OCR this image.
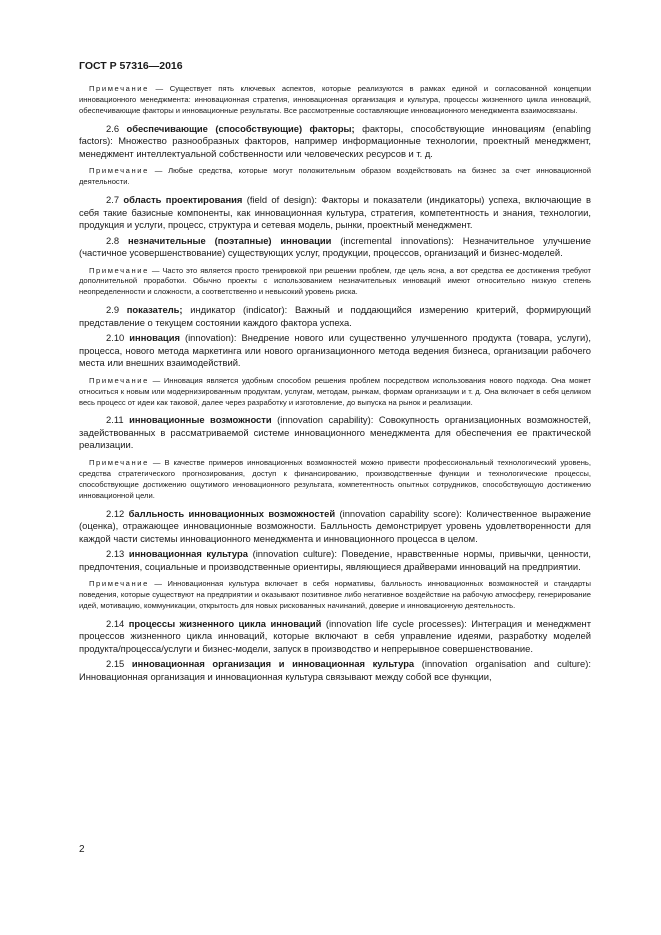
ГОСТ Р 57316—2016

Примечание — Существует пять ключевых аспектов, которые реализуются в рамках единой и согласованной концепции инновационного менеджмента: инновационная стратегия, инновационная организация и культура, процессы жизненного цикла инноваций, обеспечивающие факторы и инновационные результаты. Все рассмотренные составляющие инновационного менеджмента взаимосвязаны.

2.6 обеспечивающие (способствующие) факторы; факторы, способствующие инновациям (enabling factors): Множество разнообразных факторов, например информационные технологии, проектный менеджмент, менеджмент интеллектуальной собственности или человеческих ресурсов и т. д.

Примечание — Любые средства, которые могут положительным образом воздействовать на бизнес за счет инновационной деятельности.

2.7 область проектирования (field of design): Факторы и показатели (индикаторы) успеха, включающие в себя такие базисные компоненты, как инновационная культура, стратегия, компетентность и знания, технологии, продукция и услуги, процесс, структура и сетевая модель, рынки, проектный менеджмент.

2.8 незначительные (поэтапные) инновации (incremental innovations): Незначительное улучшение (частичное усовершенствование) существующих услуг, продукции, процессов, организаций и бизнес-моделей.

Примечание — Часто это является просто тренировкой при решении проблем, где цель ясна, а вот средства ее достижения требуют дополнительной проработки. Обычно проекты с использованием незначительных инноваций имеют относительно низкую степень неопределенности и сложности, а соответственно и невысокий уровень риска.

2.9 показатель; индикатор (indicator): Важный и поддающийся измерению критерий, формирующий представление о текущем состоянии каждого фактора успеха.

2.10 инновация (innovation): Внедрение нового или существенно улучшенного продукта (товара, услуги), процесса, нового метода маркетинга или нового организационного метода ведения бизнеса, организации рабочего места или внешних взаимодействий.

Примечание — Инновация является удобным способом решения проблем посредством использования нового подхода. Она может относиться к новым или модернизированным продуктам, услугам, методам, рынкам, формам организации и т. д. Она включает в себя целиком весь процесс от идеи как таковой, далее через разработку и изготовление, до выпуска на рынок и реализации.

2.11 инновационные возможности (innovation capability): Совокупность организационных возможностей, задействованных в рассматриваемой системе инновационного менеджмента для обеспечения ее практической реализации.

Примечание — В качестве примеров инновационных возможностей можно привести профессиональный технологический уровень, средства стратегического прогнозирования, доступ к финансированию, производственные функции и технологические процессы, способствующие достижению ощутимого инновационного результата, компетентность опытных сотрудников, способствующую достижению инновационной цели.

2.12 балльность инновационных возможностей (innovation capability score): Количественное выражение (оценка), отражающее инновационные возможности. Балльность демонстрирует уровень удовлетворенности для каждой части системы инновационного менеджмента и инновационного процесса в целом.

2.13 инновационная культура (innovation culture): Поведение, нравственные нормы, привычки, ценности, предпочтения, социальные и производственные ориентиры, являющиеся драйверами инноваций на предприятии.

Примечание — Инновационная культура включает в себя нормативы, балльность инновационных возможностей и стандарты поведения, которые существуют на предприятии и оказывают позитивное либо негативное воздействие на рабочую атмосферу, генерирование идей, мотивацию, коммуникации, открытость для новых рискованных начинаний, доверие и инновационную деятельность.

2.14 процессы жизненного цикла инноваций (innovation life cycle processes): Интеграция и менеджмент процессов жизненного цикла инноваций, которые включают в себя управление идеями, разработку моделей продукта/процесса/услуги и бизнес-модели, запуск в производство и непрерывное совершенствование.

2.15 инновационная организация и инновационная культура (innovation organisation and culture): Инновационная организация и инновационная культура связывают между собой все функции,

2
